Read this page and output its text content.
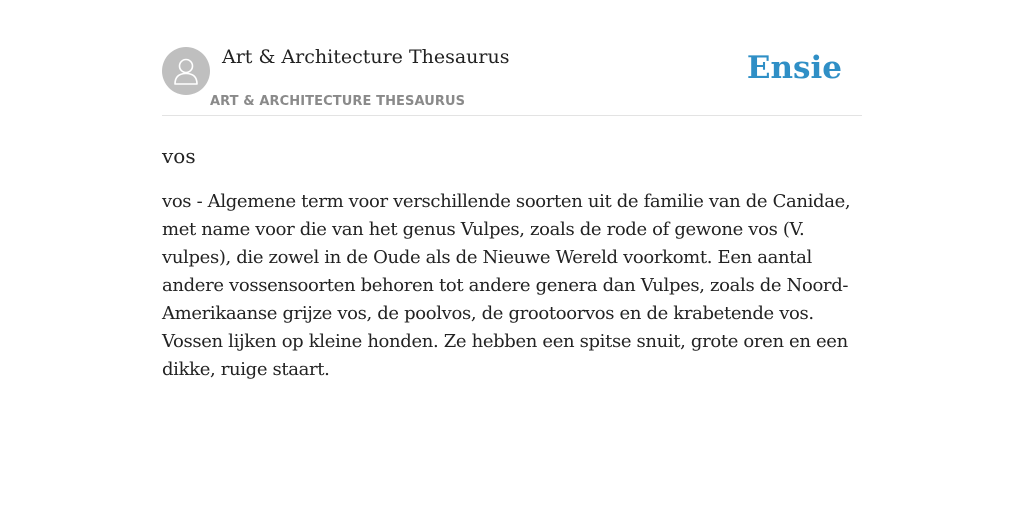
Art & Architecture Thesaurus
ART & ARCHITECTURE THESAURUS
Ensie
vos
vos - Algemene term voor verschillende soorten uit de familie van de Canidae, met name voor die van het genus Vulpes, zoals de rode of gewone vos (V. vulpes), die zowel in de Oude als de Nieuwe Wereld voorkomt. Een aantal andere vossensoorten behoren tot andere genera dan Vulpes, zoals de Noord-Amerikaanse grijze vos, de poolvos, de grootoorvos en de krabetende vos. Vossen lijken op kleine honden. Ze hebben een spitse snuit, grote oren en een dikke, ruige staart.
